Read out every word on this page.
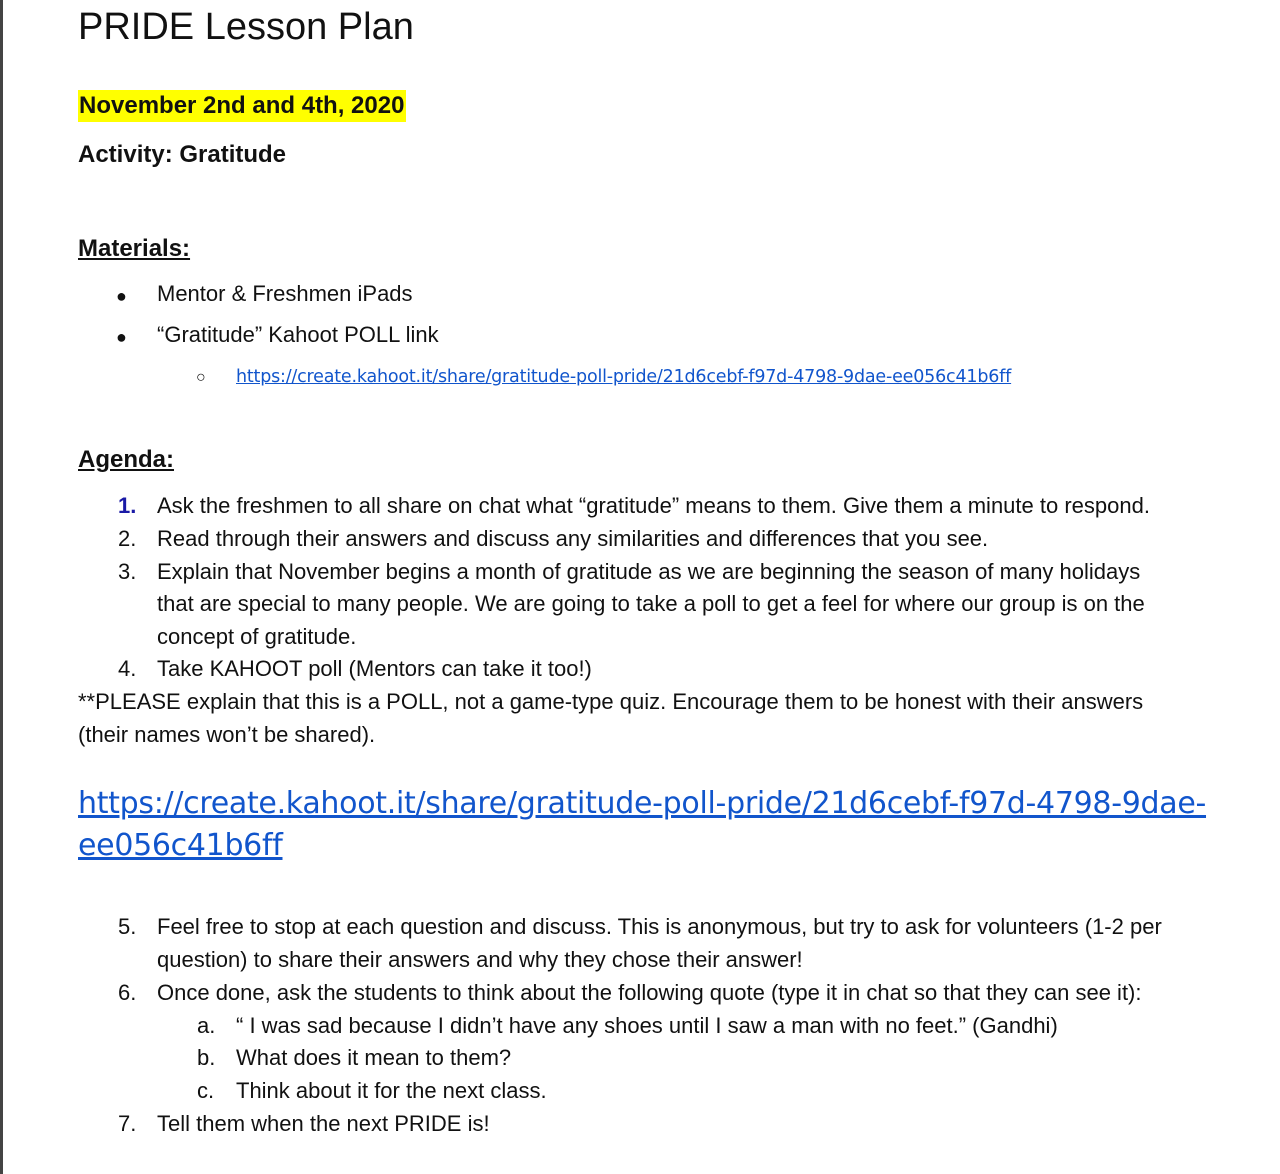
PRIDE Lesson Plan
November 2nd and 4th, 2020
Activity: Gratitude
Materials:
● Mentor & Freshmen iPads
● “Gratitude” Kahoot POLL link
○ https://create.kahoot.it/share/gratitude-poll-pride/21d6cebf-f97d-4798-9dae-ee056c41b6ff
Agenda:
1. Ask the freshmen to all share on chat what “gratitude” means to them. Give them a minute to respond.
2. Read through their answers and discuss any similarities and differences that you see.
3. Explain that November begins a month of gratitude as we are beginning the season of many holidays
that are special to many people. We are going to take a poll to get a feel for where our group is on the
concept of gratitude.
4. Take KAHOOT poll (Mentors can take it too!)
**PLEASE explain that this is a POLL, not a game-type quiz. Encourage them to be honest with their answers
(their names won’t be shared).
https://create.kahoot.it/share/gratitude-poll-pride/21d6cebf-f97d-4798-9dae-
ee056c41b6ff
5. Feel free to stop at each question and discuss. This is anonymous, but try to ask for volunteers (1-2 per
question) to share their answers and why they chose their answer!
6. Once done, ask the students to think about the following quote (type it in chat so that they can see it):
a. “ I was sad because I didn’t have any shoes until I saw a man with no feet.” (Gandhi)
b. What does it mean to them?
c. Think about it for the next class.
7. Tell them when the next PRIDE is!
